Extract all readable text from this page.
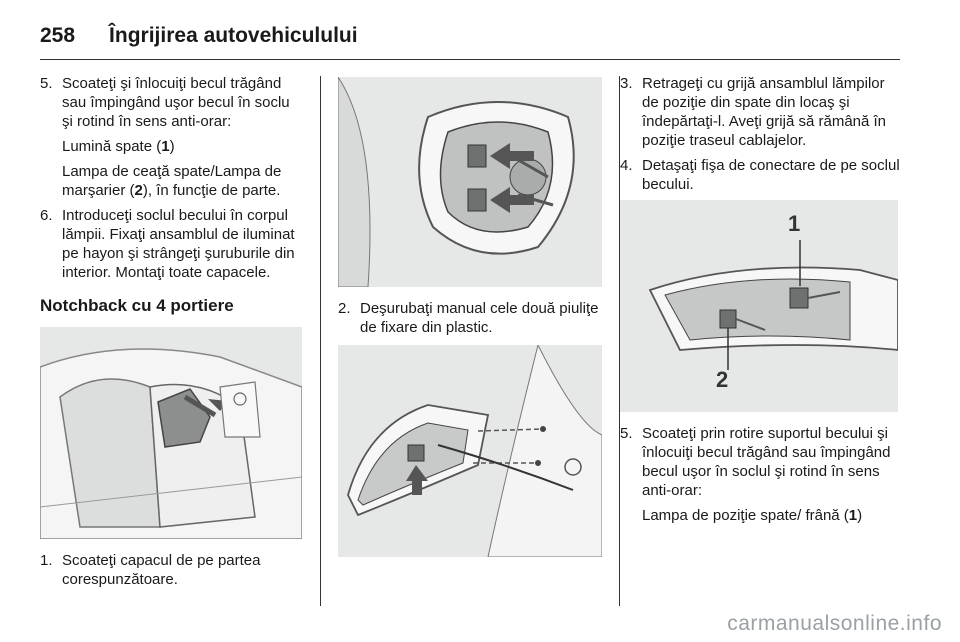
258 Îngrijirea autovehiculului
5. Scoateţi şi înlocuiţi becul trăgând sau împingând uşor becul în soclu şi rotind în sens anti-orar:
Lumină spate (1)
Lampa de ceaţă spate/Lampa de marşarier (2), în funcţie de parte.
6. Introduceţi soclul becului în corpul lămpii. Fixaţi ansamblul de iluminat pe hayon şi strângeţi şuruburile din interior. Montaţi toate capacele.
Notchback cu 4 portiere
1. Scoateţi capacul de pe partea corespunzătoare.
2. Deşurubaţi manual cele două piuliţe de fixare din plastic.
3. Retrageţi cu grijă ansamblul lămpilor de poziţie din spate din locaş şi îndepărtaţi-l. Aveţi grijă să rămână în poziţie traseul cablajelor.
4. Detaşaţi fişa de conectare de pe soclul becului.
1
2
5. Scoateţi prin rotire suportul becului şi înlocuiţi becul trăgând sau împingând becul uşor în soclul şi rotind în sens anti-orar:
Lampa de poziţie spate/ frână (1)
carmanualsonline.info
